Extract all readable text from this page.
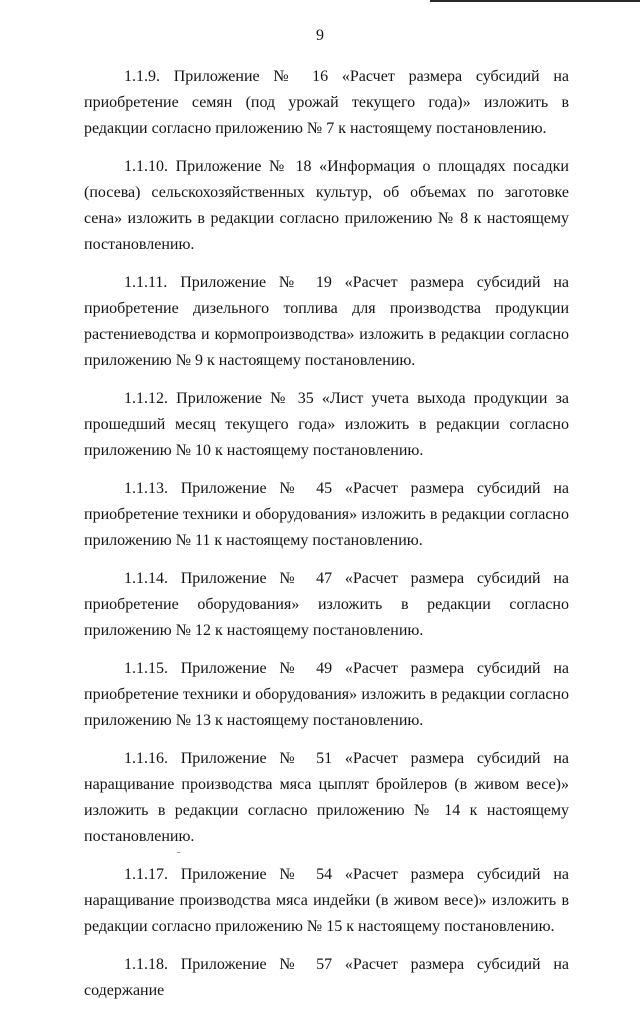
9

1.1.9. Приложение № 16 «Расчет размера субсидий на приобретение семян (под урожай текущего года)» изложить в редакции согласно приложению № 7 к настоящему постановлению.

1.1.10. Приложение № 18 «Информация о площадях посадки (посева) сельскохозяйственных культур, об объемах по заготовке сена» изложить в редакции согласно приложению № 8 к настоящему постановлению.

1.1.11. Приложение № 19 «Расчет размера субсидий на приобретение дизельного топлива для производства продукции растениеводства и кормопроизводства» изложить в редакции согласно приложению № 9 к настоящему постановлению.

1.1.12. Приложение № 35 «Лист учета выхода продукции за прошедший месяц текущего года» изложить в редакции согласно приложению № 10 к настоящему постановлению.

1.1.13. Приложение № 45 «Расчет размера субсидий на приобретение техники и оборудования» изложить в редакции согласно приложению № 11 к настоящему постановлению.

1.1.14. Приложение № 47 «Расчет размера субсидий на приобретение оборудования» изложить в редакции согласно приложению № 12 к настоящему постановлению.

1.1.15. Приложение № 49 «Расчет размера субсидий на приобретение техники и оборудования» изложить в редакции согласно приложению № 13 к настоящему постановлению.

1.1.16. Приложение № 51 «Расчет размера субсидий на наращивание производства мяса цыплят бройлеров (в живом весе)» изложить в редакции согласно приложению № 14 к настоящему постановлению.

1.1.17. Приложение № 54 «Расчет размера субсидий на наращивание производства мяса индейки (в живом весе)» изложить в редакции согласно приложению № 15 к настоящему постановлению.

1.1.18. Приложение № 57 «Расчет размера субсидий на содержание
